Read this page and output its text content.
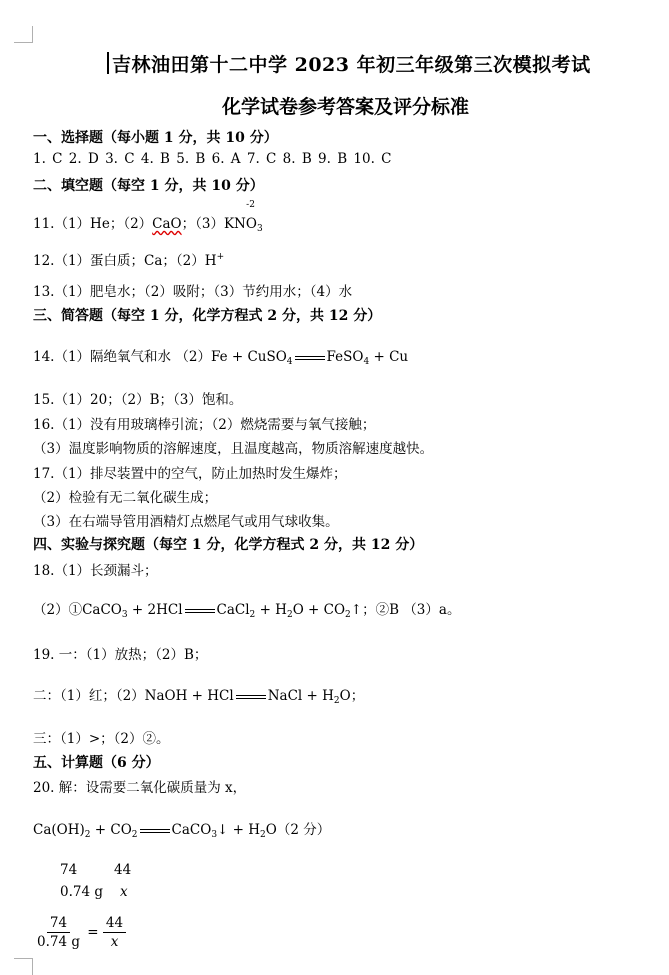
吉林油田第十二中学 2023 年初三年级第三次模拟考试
化学试卷参考答案及评分标准
一、选择题（每小题 1 分，共 10 分）
1. C 2. D 3. C 4. B 5. B 6. A 7. C 8. B 9. B 10. C
二、填空题（每空 1 分，共 10 分）
11.（1）He；（2）CaO；（3）KNO
-2
$_3$
12.（1）蛋白质；Ca；（2）H+
13.（1）肥皂水；（2）吸附；（3）节约用水；（4）水
三、简答题（每空 1 分，化学方程式 2 分，共 12 分）
14.（1）隔绝氧气和水 （2）Fe + CuSO$_4$	FeSO$_4$ + Cu
15.（1）20；（2）B；（3）饱和。
16.（1）没有用玻璃棒引流；（2）燃烧需要与氧气接触；
（3）温度影响物质的溶解速度，且温度越高，物质溶解速度越快。
17.（1）排尽装置中的空气，防止加热时发生爆炸；
（2）检验有无二氧化碳生成；
（3）在右端导管用酒精灯点燃尾气或用气球收集。
四、实验与探究题（每空 1 分，化学方程式 2 分，共 12 分）
18.（1）长颈漏斗；
（2）①CaCO$_3$ + 2HCl	CaCl$_2$ + $H_2O$ + $CO_2↑$；②B （3）a。
19. 一：（1）放热；（2）B；
二：（1）红；（2）NaOH + HCl	NaCl + $H_2O$；
三：（1）>；（2）②。
五、计算题（6 分）
20. 解：设需要二氧化碳质量为 x，
$Ca(OH)_2 + CO_2$	CaCO$_3$↓ + $H_2O(2$ 分）
74	44
0.74 g x
$\frac{74}{0.74 g} = \frac{44}{x}$
